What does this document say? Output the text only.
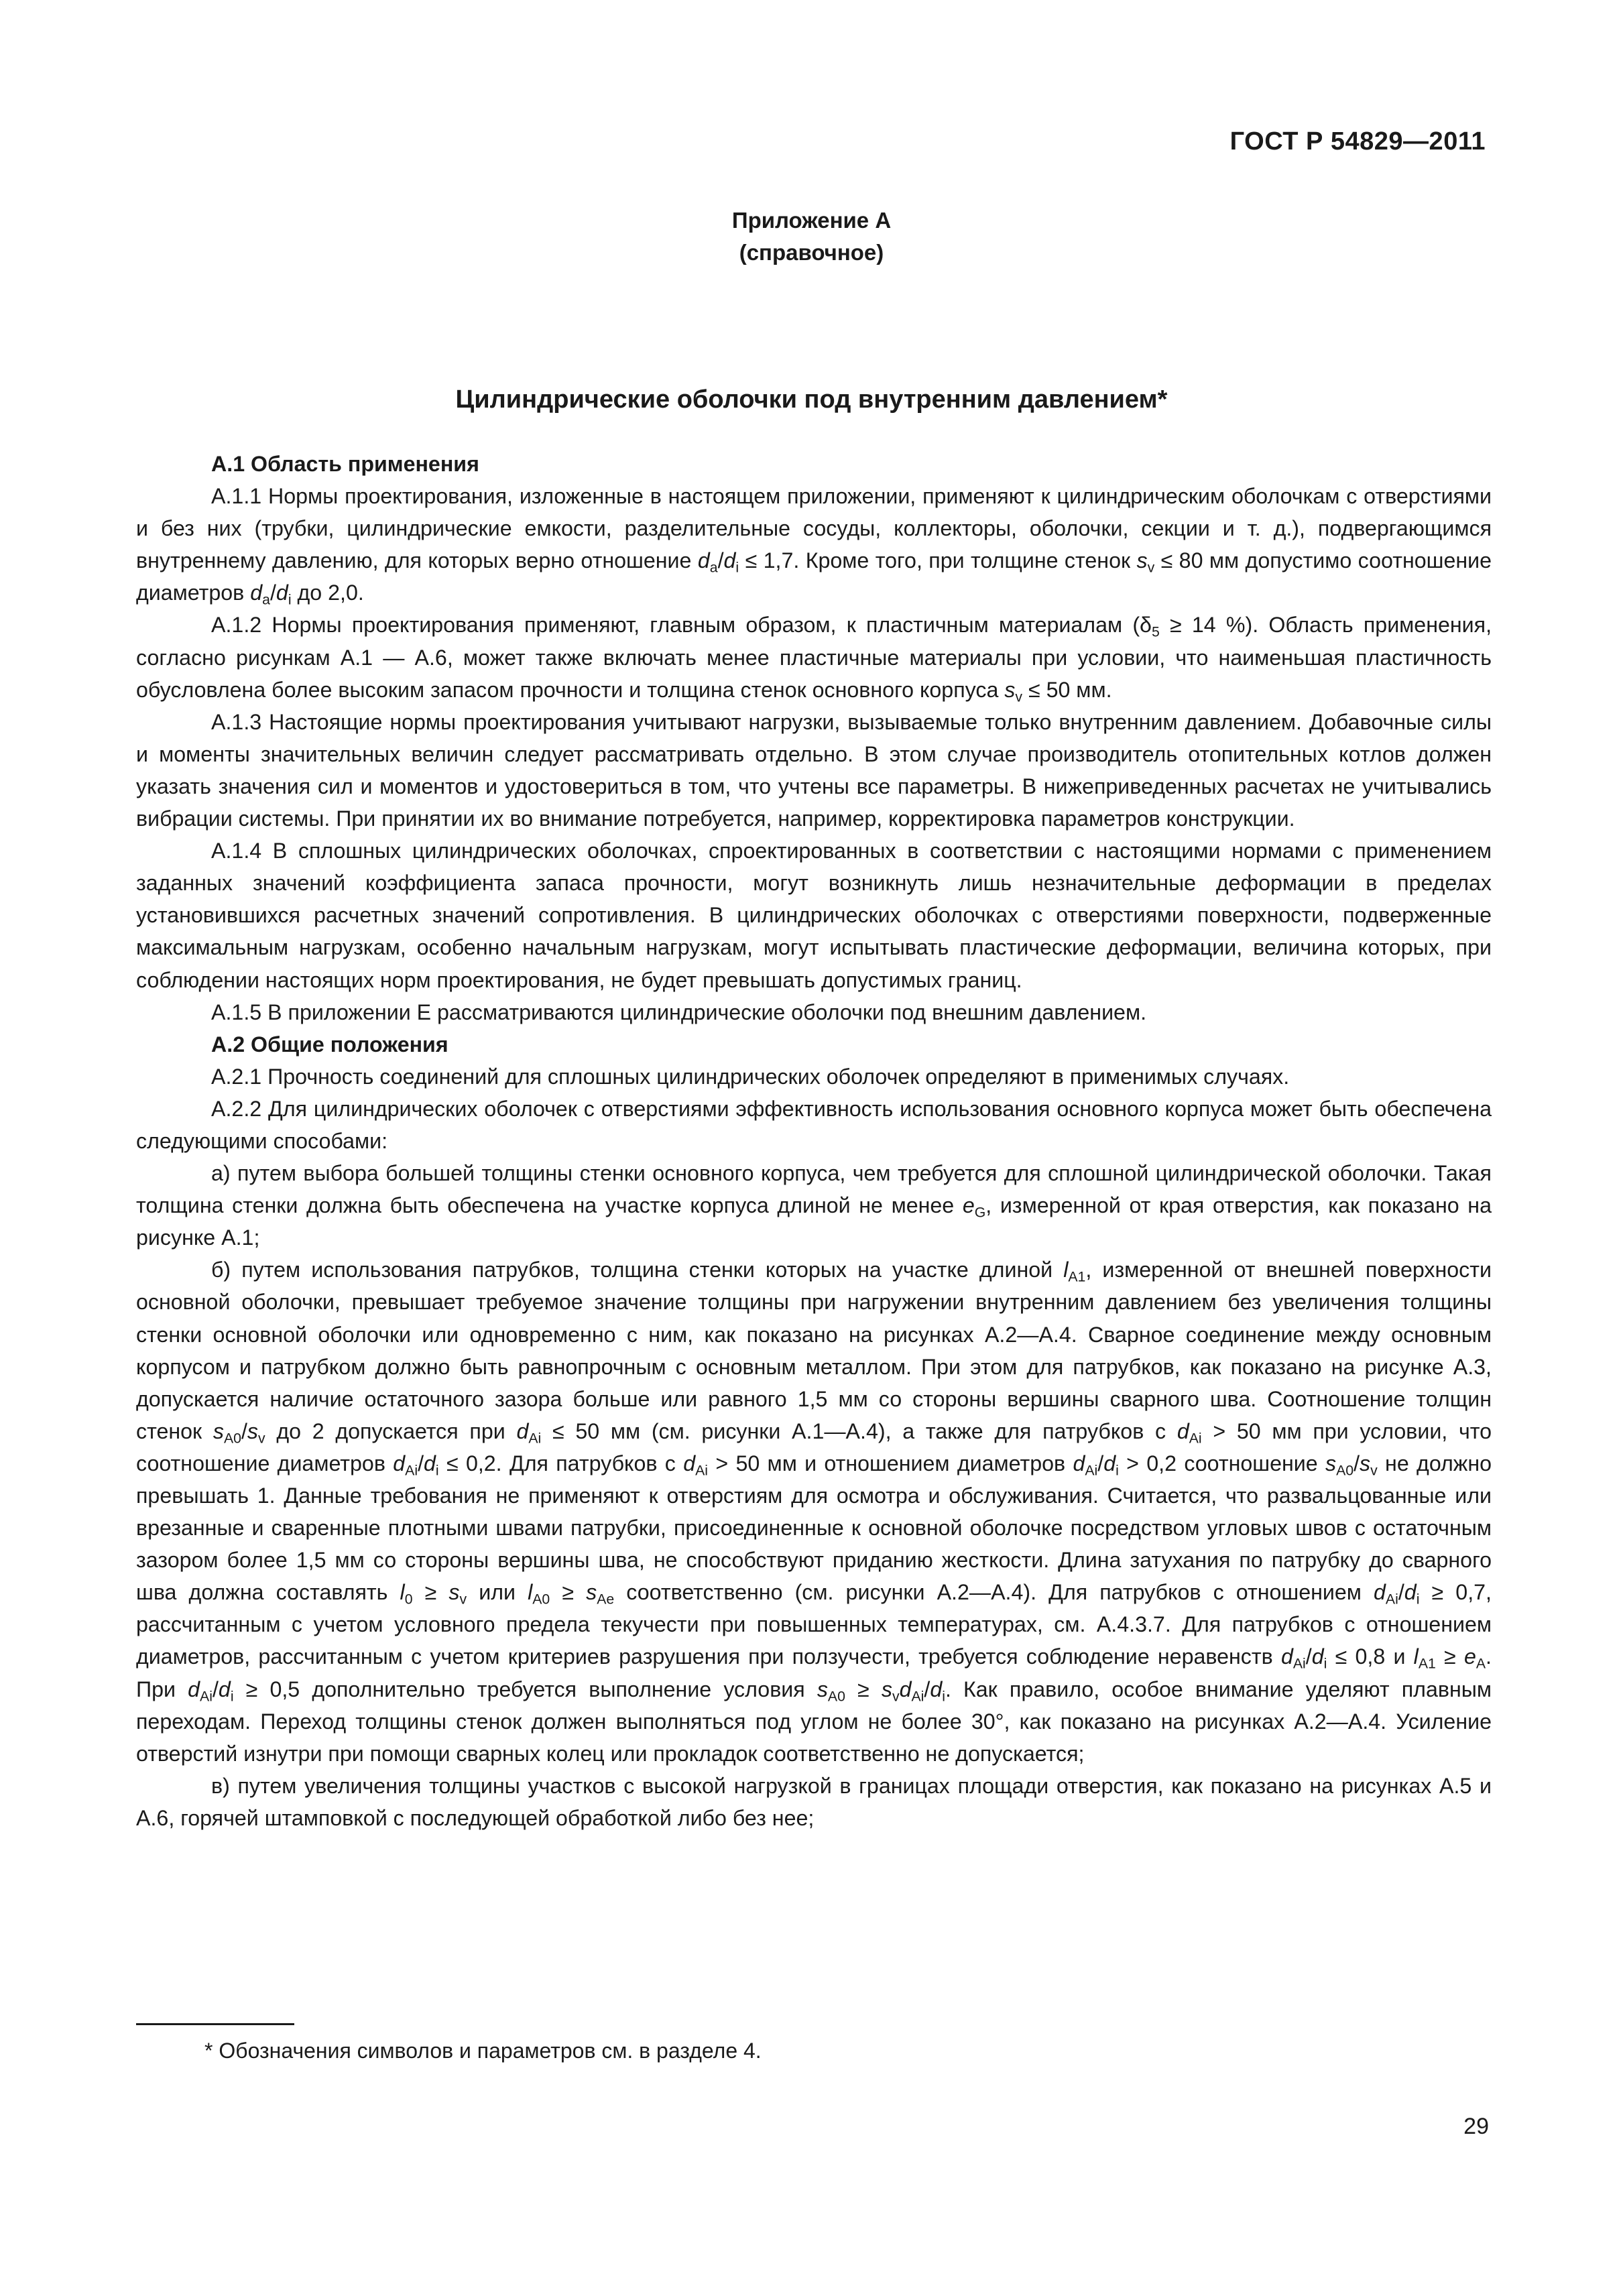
ГОСТ Р 54829—2011
Приложение А
(справочное)
Цилиндрические оболочки под внутренним давлением*

А.1 Область применения

А.1.1 Нормы проектирования, изложенные в настоящем приложении, применяют к цилиндрическим оболочкам с отверстиями и без них (трубки, цилиндрические емкости, разделительные сосуды, коллекторы, оболочки, секции и т. д.), подвергающимся внутреннему давлению, для которых верно отношение $d_a/d_i \le 1,7$. Кроме того, при толщине стенок $s_v \le 80$ мм допустимо соотношение диаметров $d_a/d_i$ до 2,0.

А.1.2 Нормы проектирования применяют, главным образом, к пластичным материалам ($\delta_5 \ge 14$ %). Область применения, согласно рисункам А.1 — А.6, может также включать менее пластичные материалы при условии, что наименьшая пластичность обусловлена более высоким запасом прочности и толщина стенок основного корпуса $s_v \le 50$ мм.

А.1.3 Настоящие нормы проектирования учитывают нагрузки, вызываемые только внутренним давлением. Добавочные силы и моменты значительных величин следует рассматривать отдельно. В этом случае производитель отопительных котлов должен указать значения сил и моментов и удостовериться в том, что учтены все параметры. В нижеприведенных расчетах не учитывались вибрации системы. При принятии их во внимание потребуется, например, корректировка параметров конструкции.

А.1.4 В сплошных цилиндрических оболочках, спроектированных в соответствии с настоящими нормами с применением заданных значений коэффициента запаса прочности, могут возникнуть лишь незначительные деформации в пределах установившихся расчетных значений сопротивления. В цилиндрических оболочках с отверстиями поверхности, подверженные максимальным нагрузкам, особенно начальным нагрузкам, могут испытывать пластические деформации, величина которых, при соблюдении настоящих норм проектирования, не будет превышать допустимых границ.

А.1.5 В приложении Е рассматриваются цилиндрические оболочки под внешним давлением.

А.2 Общие положения

А.2.1 Прочность соединений для сплошных цилиндрических оболочек определяют в применимых случаях.

А.2.2 Для цилиндрических оболочек с отверстиями эффективность использования основного корпуса может быть обеспечена следующими способами:

а) путем выбора большей толщины стенки основного корпуса, чем требуется для сплошной цилиндрической оболочки. Такая толщина стенки должна быть обеспечена на участке корпуса длиной не менее $e_G$, измеренной от края отверстия, как показано на рисунке А.1;

б) путем использования патрубков, толщина стенки которых на участке длиной $l_{A1}$, измеренной от внешней поверхности основной оболочки, превышает требуемое значение толщины при нагружении внутренним давлением без увеличения толщины стенки основной оболочки или одновременно с ним, как показано на рисунках А.2—А.4. Сварное соединение между основным корпусом и патрубком должно быть равнопрочным с основным металлом. При этом для патрубков, как показано на рисунке А.3, допускается наличие остаточного зазора больше или равного 1,5 мм со стороны вершины сварного шва. Соотношение толщин стенок $s_{A0}/s_v$ до 2 допускается при $d_{Ai} \le 50$ мм (см. рисунки А.1—А.4), а также для патрубков с $d_{Ai} > 50$ мм при условии, что соотношение диаметров $d_{Ai}/d_i \le 0,2$. Для патрубков с $d_{Ai} > 50$ мм и отношением диаметров $d_{Ai}/d_i > 0,2$ соотношение $s_{A0}/s_v$ не должно превышать 1. Данные требования не применяют к отверстиям для осмотра и обслуживания. Считается, что развальцованные или врезанные и сваренные плотными швами патрубки, присоединенные к основной оболочке посредством угловых швов с остаточным зазором более 1,5 мм со стороны вершины шва, не способствуют приданию жесткости. Длина затухания по патрубку до сварного шва должна составлять $l_0 \ge s_v$ или $l_{A0} \ge s_{Ae}$ соответственно (см. рисунки А.2—А.4). Для патрубков с отношением $d_{Ai}/d_i \ge 0,7$, рассчитанным с учетом условного предела текучести при повышенных температурах, см. А.4.3.7. Для патрубков с отношением диаметров, рассчитанным с учетом критериев разрушения при ползучести, требуется соблюдение неравенств $d_{Ai}/d_i \le 0,8$ и $l_{A1} \ge e_A$. При $d_{Ai}/d_i \ge 0,5$ дополнительно требуется выполнение условия $s_{A0} \ge s_vd_{Ai}/d_i$. Как правило, особое внимание уделяют плавным переходам. Переход толщины стенок должен выполняться под углом не более 30°, как показано на рисунках А.2—А.4. Усиление отверстий изнутри при помощи сварных колец или прокладок соответственно не допускается;

в) путем увеличения толщины участков с высокой нагрузкой в границах площади отверстия, как показано на рисунках А.5 и А.6, горячей штамповкой с последующей обработкой либо без нее;

* Обозначения символов и параметров см. в разделе 4.
29
